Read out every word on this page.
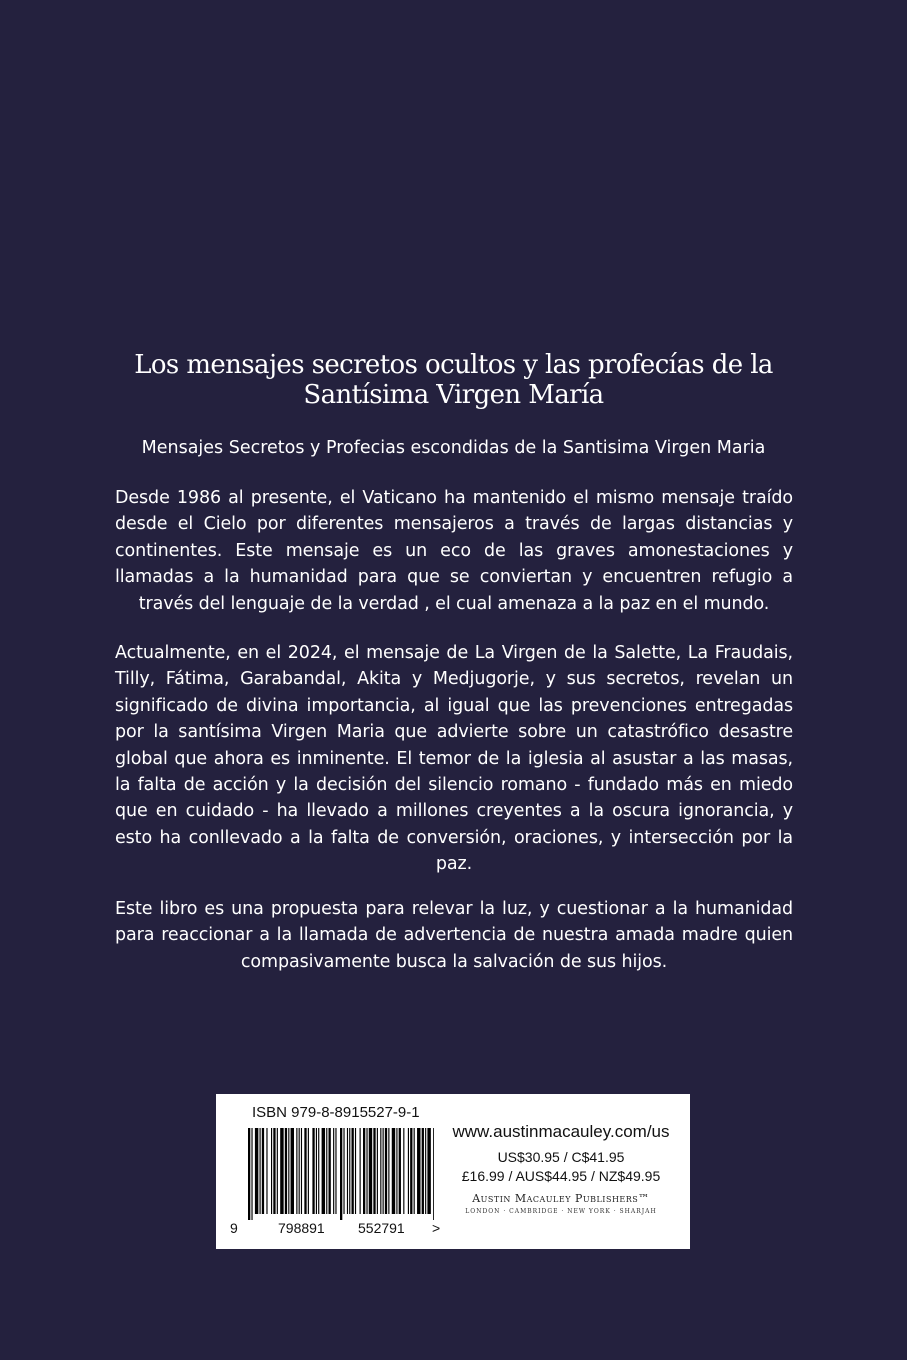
Los mensajes secretos ocultos y las profecías de la Santísima Virgen María

Mensajes Secretos y Profecias escondidas de la Santisima Virgen Maria

Desde 1986 al presente, el Vaticano ha mantenido el mismo mensaje traído desde el Cielo por diferentes mensajeros a través de largas distancias y continentes. Este mensaje es un eco de las graves amonestaciones y llamadas a la humanidad para que se conviertan y encuentren refugio a través del lenguaje de la verdad , el cual amenaza a la paz en el mundo.

Actualmente, en el 2024, el mensaje de La Virgen de la Salette, La Fraudais, Tilly, Fátima, Garabandal, Akita y Medjugorje, y sus secretos, revelan un significado de divina importancia, al igual que las prevenciones entregadas por la santísima Virgen Maria que advierte sobre un catastrófico desastre global que ahora es inminente. El temor de la iglesia al asustar a las masas, la falta de acción y la decisión del silencio romano - fundado más en miedo que en cuidado - ha llevado a millones creyentes a la oscura ignorancia, y esto ha conllevado a la falta de conversión, oraciones, y intersección por la paz.

Este libro es una propuesta para relevar la luz, y cuestionar a la humanidad para reaccionar a la llamada de advertencia de nuestra amada madre quien compasivamente busca la salvación de sus hijos.

ISBN 979-8-8915527-9-1

9	798891 552791 >

www.austinmacauley.com/us

US$30.95 / C$41.95

£16.99 / AUS$44.95 / NZ$49.95

Austin Macauley Publishers™

LONDON · CAMBRIDGE · NEW YORK · SHARJAH
